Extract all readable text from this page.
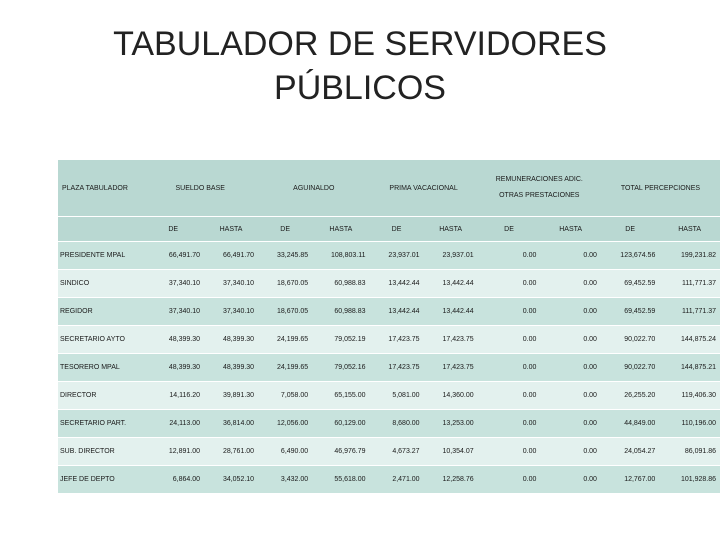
TABULADOR DE SERVIDORES
PÚBLICOS
PLAZA TABULADOR	SUELDO BASE		AGUINALDO		PRIMA VACACIONAL		REMUNERACIONES ADIC.
OTRAS PRESTACIONES		TOTAL PERCEPCIONES	
	DE	HASTA	DE	HASTA	DE	HASTA	DE	HASTA	DE	HASTA
PRESIDENTE MPAL	66,491.70	66,491.70	33,245.85	108,803.11	23,937.01	23,937.01	0.00	0.00	123,674.56	199,231.82
SINDICO	37,340.10	37,340.10	18,670.05	60,988.83	13,442.44	13,442.44	0.00	0.00	69,452.59	111,771.37
REGIDOR	37,340.10	37,340.10	18,670.05	60,988.83	13,442.44	13,442.44	0.00	0.00	69,452.59	111,771.37
SECRETARIO AYTO	48,399.30	48,399.30	24,199.65	79,052.19	17,423.75	17,423.75	0.00	0.00	90,022.70	144,875.24
TESORERO MPAL	48,399.30	48,399.30	24,199.65	79,052.16	17,423.75	17,423.75	0.00	0.00	90,022.70	144,875.21
DIRECTOR	14,116.20	39,891.30	7,058.00	65,155.00	5,081.00	14,360.00	0.00	0.00	26,255.20	119,406.30
SECRETARIO PART.	24,113.00	36,814.00	12,056.00	60,129.00	8,680.00	13,253.00	0.00	0.00	44,849.00	110,196.00
SUB. DIRECTOR	12,891.00	28,761.00	6,490.00	46,976.79	4,673.27	10,354.07	0.00	0.00	24,054.27	86,091.86
JEFE DE DEPTO	6,864.00	34,052.10	3,432.00	55,618.00	2,471.00	12,258.76	0.00	0.00	12,767.00	101,928.86
